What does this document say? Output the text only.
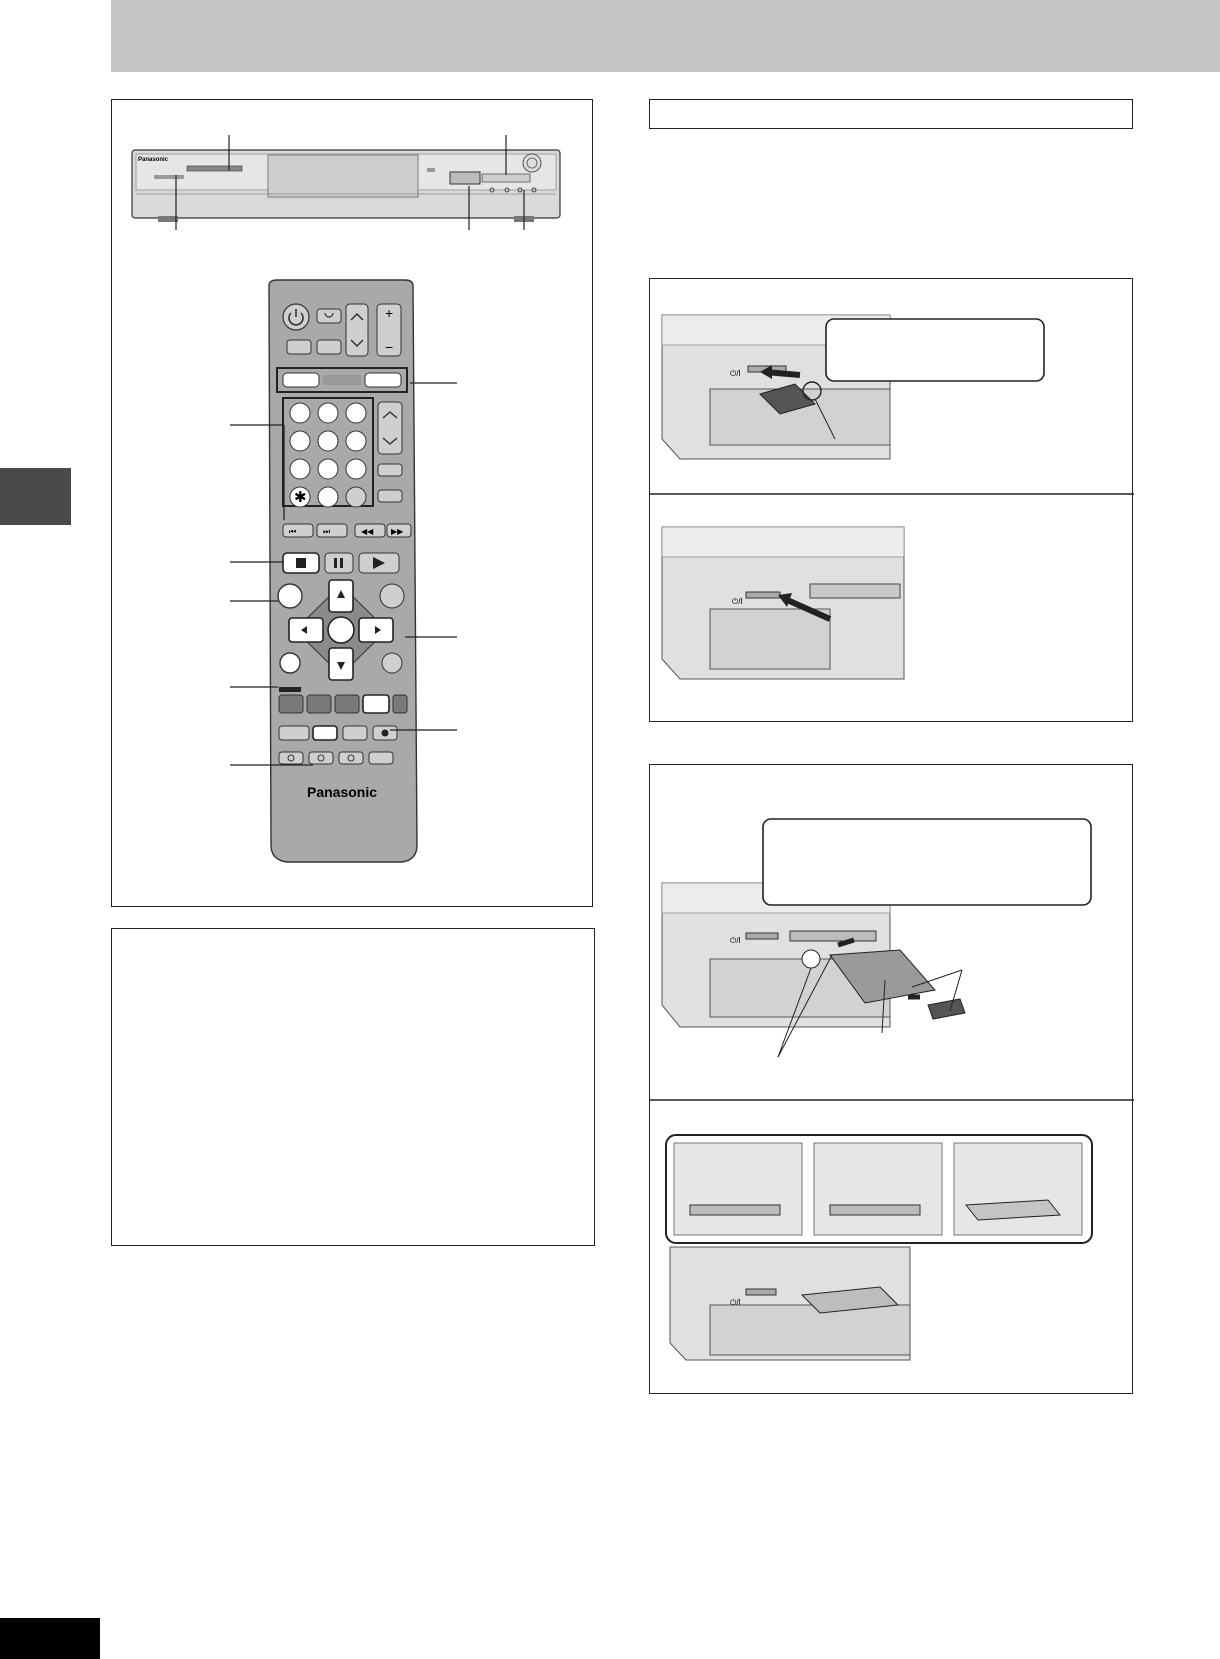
Panasonic
+
−
✱
⏮	⏭	◀◀ ▶▶
Panasonic
⏻/I
⏻/I
⏻/I
⏻/I
